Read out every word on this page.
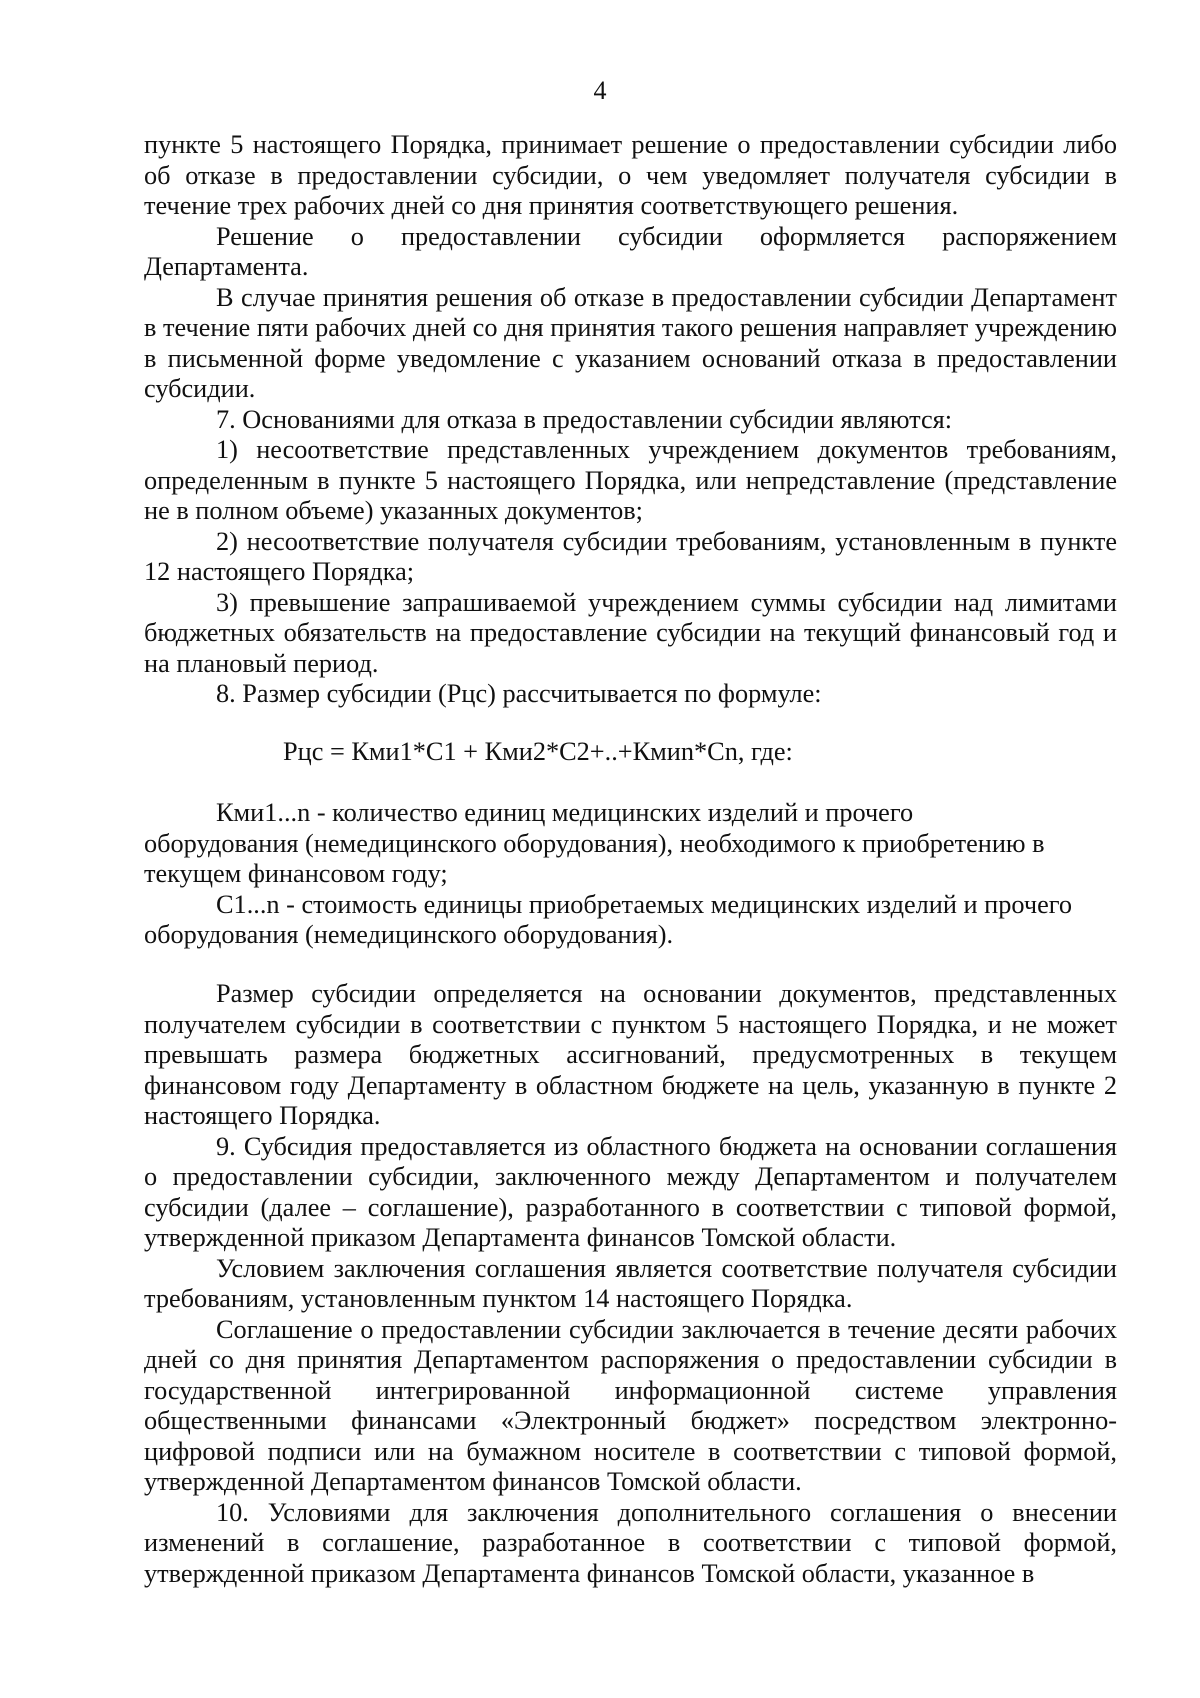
4

пункте 5 настоящего Порядка, принимает решение о предоставлении субсидии либо об отказе в предоставлении субсидии, о чем уведомляет получателя субсидии в течение трех рабочих дней со дня принятия соответствующего решения.

Решение о предоставлении субсидии оформляется распоряжением Департамента.

В случае принятия решения об отказе в предоставлении субсидии Департамент в течение пяти рабочих дней со дня принятия такого решения направляет учреждению в письменной форме уведомление с указанием оснований отказа в предоставлении субсидии.

7. Основаниями для отказа в предоставлении субсидии являются:

1) несоответствие представленных учреждением документов требованиям, определенным в пункте 5 настоящего Порядка, или непредставление (представление не в полном объеме) указанных документов;

2) несоответствие получателя субсидии требованиям, установленным в пункте 12 настоящего Порядка;

3) превышение запрашиваемой учреждением суммы субсидии над лимитами бюджетных обязательств на предоставление субсидии на текущий финансовый год и на плановый период.

8. Размер субсидии (Рцс) рассчитывается по формуле:

Рцс = Кми1*С1 + Кми2*С2+..+Кмиn*Сn, где:

Кми1...n - количество единиц медицинских изделий и прочего оборудования (немедицинского оборудования), необходимого к приобретению в текущем финансовом году;

С1...n - стоимость единицы приобретаемых медицинских изделий и прочего оборудования (немедицинского оборудования).

Размер субсидии определяется на основании документов, представленных получателем субсидии в соответствии с пунктом 5 настоящего Порядка, и не может превышать размера бюджетных ассигнований, предусмотренных в текущем финансовом году Департаменту в областном бюджете на цель, указанную в пункте 2 настоящего Порядка.

9. Субсидия предоставляется из областного бюджета на основании соглашения о предоставлении субсидии, заключенного между Департаментом и получателем субсидии (далее – соглашение), разработанного в соответствии с типовой формой, утвержденной приказом Департамента финансов Томской области.

Условием заключения соглашения является соответствие получателя субсидии требованиям, установленным пунктом 14 настоящего Порядка.

Соглашение о предоставлении субсидии заключается в течение десяти рабочих дней со дня принятия Департаментом распоряжения о предоставлении субсидии в государственной интегрированной информационной системе управления общественными финансами «Электронный бюджет» посредством электронно-цифровой подписи или на бумажном носителе в соответствии с типовой формой, утвержденной Департаментом финансов Томской области.

10. Условиями для заключения дополнительного соглашения о внесении изменений в соглашение, разработанное в соответствии с типовой формой, утвержденной приказом Департамента финансов Томской области, указанное в
